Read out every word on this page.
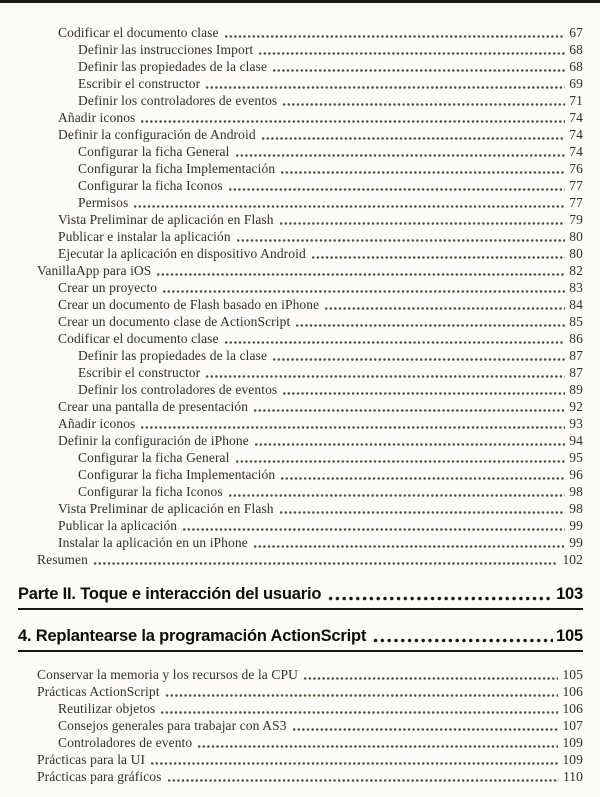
Codificar el documento clase	67
Definir las instrucciones Import	68
Definir las propiedades de la clase	68
Escribir el constructor	69
Definir los controladores de eventos	71
Añadir iconos	74
Definir la configuración de Android	74
Configurar la ficha General	74
Configurar la ficha Implementación	76
Configurar la ficha Iconos	77
Permisos	77
Vista Preliminar de aplicación en Flash	79
Publicar e instalar la aplicación	80
Ejecutar la aplicación en dispositivo Android	80
VanillaApp para iOS	82
Crear un proyecto	83
Crear un documento de Flash basado en iPhone	84
Crear un documento clase de ActionScript	85
Codificar el documento clase	86
Definir las propiedades de la clase	87
Escribir el constructor	87
Definir los controladores de eventos	89
Crear una pantalla de presentación	92
Añadir iconos	93
Definir la configuración de iPhone	94
Configurar la ficha General	95
Configurar la ficha Implementación	96
Configurar la ficha Iconos	98
Vista Preliminar de aplicación en Flash	98
Publicar la aplicación	99
Instalar la aplicación en un iPhone	99
Resumen	102
Parte II. Toque e interacción del usuario	103
4. Replantearse la programación ActionScript	105
Conservar la memoria y los recursos de la CPU	105
Prácticas ActionScript	106
Reutilizar objetos	106
Consejos generales para trabajar con AS3	107
Controladores de evento	109
Prácticas para la UI	109
Prácticas para gráficos	110
